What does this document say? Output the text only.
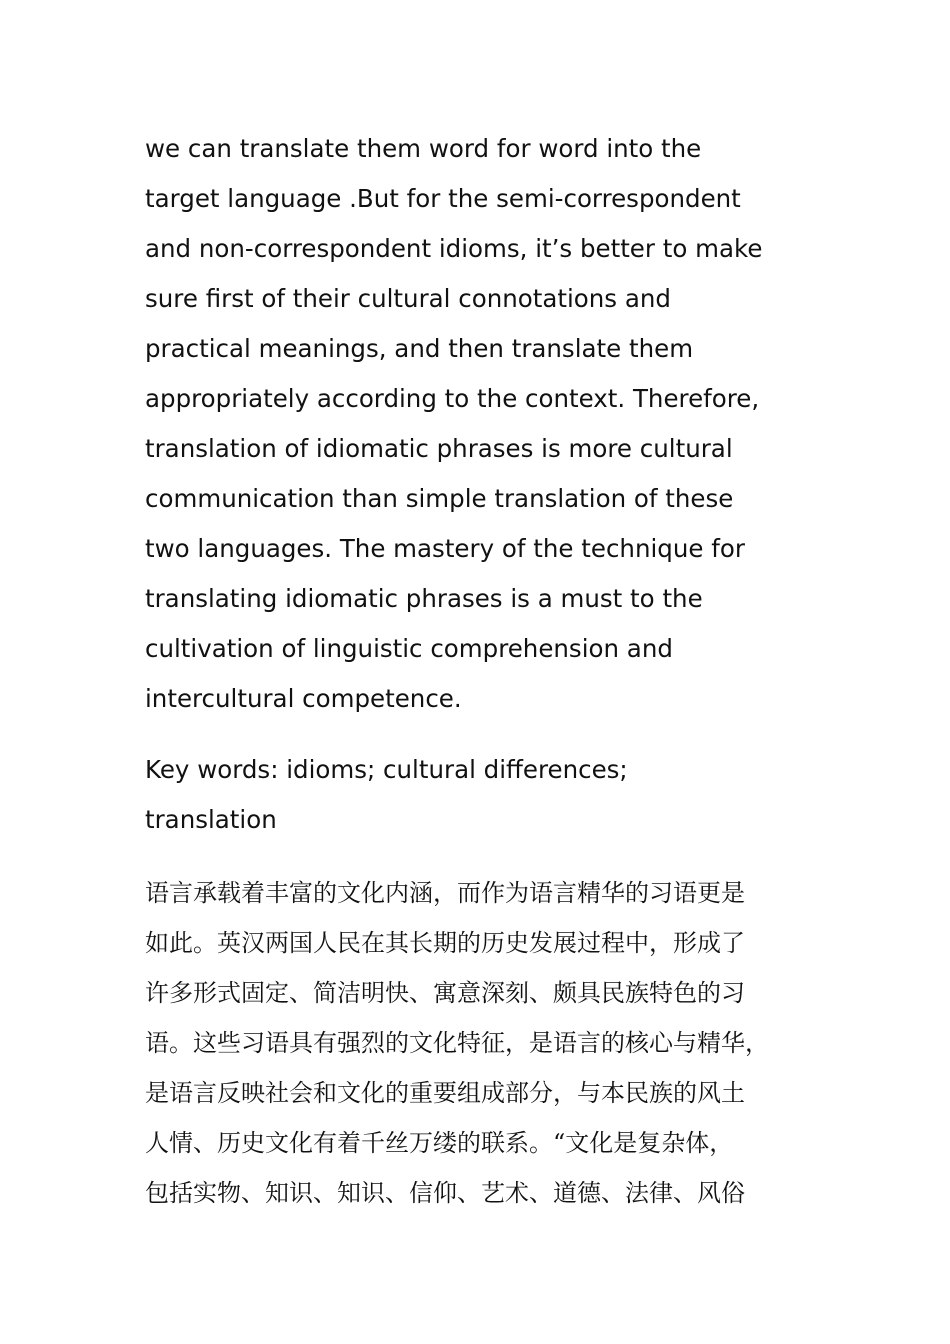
we can translate them word for word into the
target language .But for the semi-correspondent
and non-correspondent idioms, it’s better to make
sure first of their cultural connotations and
practical meanings, and then translate them
appropriately according to the context. Therefore,
translation of idiomatic phrases is more cultural
communication than simple translation of these
two languages. The mastery of the technique for
translating idiomatic phrases is a must to the
cultivation of linguistic comprehension and
intercultural competence.
Key words: idioms; cultural differences;
translation
语言承载着丰富的文化内涵，而作为语言精华的习语更是
如此。英汉两国人民在其长期的历史发展过程中，形成了
许多形式固定、简洁明快、寓意深刻、颇具民族特色的习
语。这些习语具有强烈的文化特征，是语言的核心与精华，
是语言反映社会和文化的重要组成部分，与本民族的风土
人情、历史文化有着千丝万缕的联系。“文化是复杂体，
包括实物、知识、知识、信仰、艺术、道德、法律、风俗
